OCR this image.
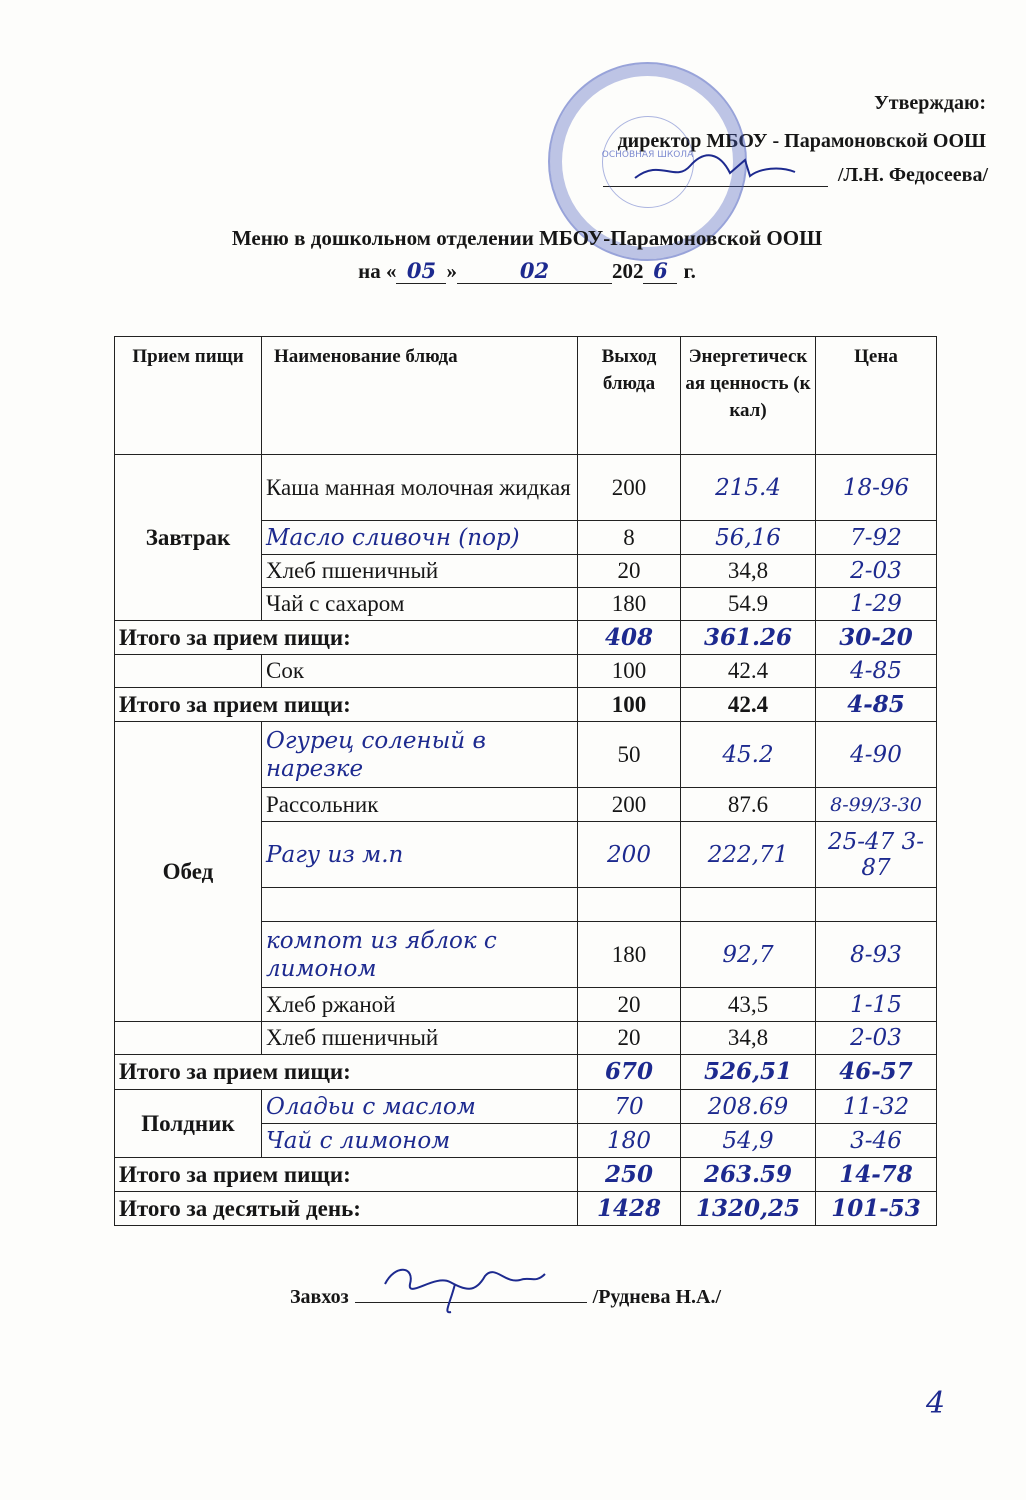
Утверждаю:
директор МБОУ - Парамоновской ООШ
/Л.Н. Федосеева/
ОСНОВНАЯ ШКОЛА
Меню в дошкольном отделении МБОУ-Парамоновской ООШ
на « 05 »	02	202 6 г.
Прием пищи	Наименование блюда	Выход блюда	Энергетическая ценность (ккал)	Цена
Завтрак	Каша манная молочная жидкая	200	215.4	18-96
	Масло сливочн (пор)	8	56,16	7-92
	Хлеб пшеничный	20	34,8	2-03
	Чай с сахаром	180	54.9	1-29
Итого за прием пищи:		408	361.26	30-20
	Сок	100	42.4	4-85
Итого за прием пищи:		100	42.4	4-85
Обед	Огурец соленый в нарезке	50	45.2	4-90
	Рассольник	200	87.6	8-99/3-30
	Рагу из м.п	200	222,71	25-47 3-87

	компот из яблок с лимоном	180	92,7	8-93
	Хлеб ржаной	20	43,5	1-15
	Хлеб пшеничный	20	34,8	2-03
Итого за прием пищи:		670	526,51	46-57
Полдник	Оладьи с маслом	70	208.69	11-32
	Чай с лимоном	180	54,9	3-46
Итого за прием пищи:		250	263.59	14-78
Итого за десятый день:		1428	1320,25	101-53
Завхоз	/Руднева Н.А./
4
